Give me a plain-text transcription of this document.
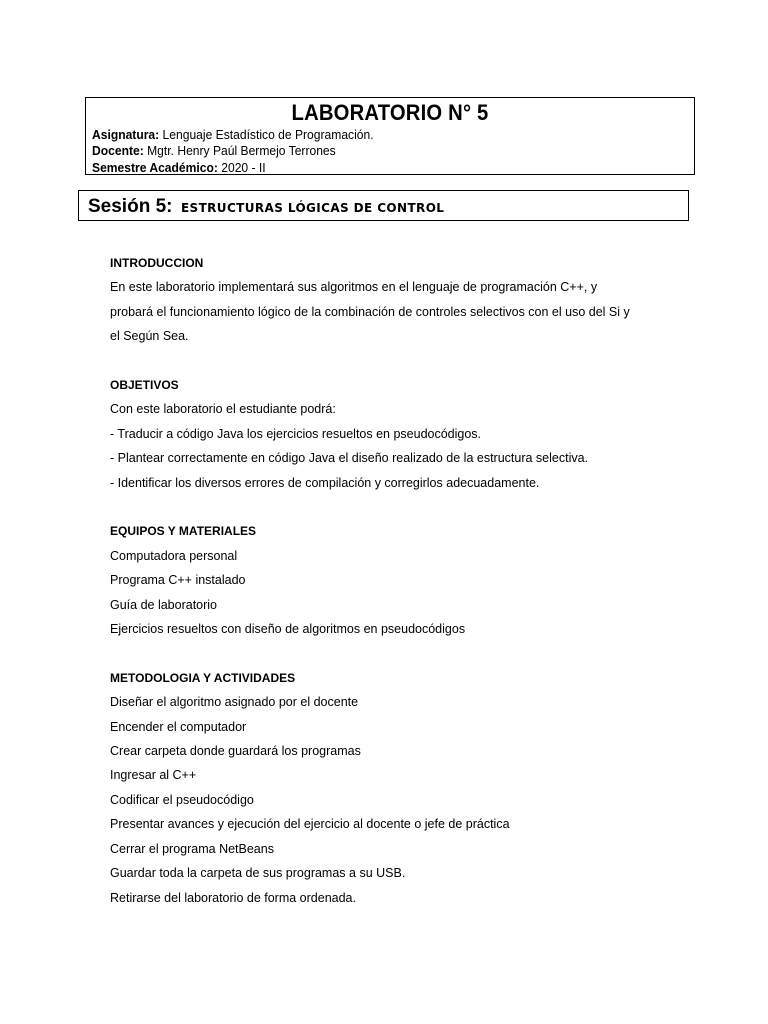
LABORATORIO N° 5
Asignatura: Lenguaje Estadístico de Programación.
Docente: Mgtr. Henry Paúl Bermejo Terrones
Semestre Académico: 2020 - II
Sesión 5: ESTRUCTURAS LÓGICAS DE CONTROL

INTRODUCCION

En este laboratorio implementará sus algoritmos en el lenguaje de programación C++, y

probará el funcionamiento lógico de la combinación de controles selectivos con el uso del Si y

el Según Sea.

OBJETIVOS

Con este laboratorio el estudiante podrá:

- Traducir a código Java los ejercicios resueltos en pseudocódigos.

- Plantear correctamente en código Java el diseño realizado de la estructura selectiva.

- Identificar los diversos errores de compilación y corregirlos adecuadamente.

EQUIPOS Y MATERIALES

Computadora personal

Programa C++ instalado

Guía de laboratorio

Ejercicios resueltos con diseño de algoritmos en pseudocódigos

METODOLOGIA Y ACTIVIDADES

Diseñar el algoritmo asignado por el docente

Encender el computador

Crear carpeta donde guardará los programas

Ingresar al C++

Codificar el pseudocódigo

Presentar avances y ejecución del ejercicio al docente o jefe de práctica

Cerrar el programa NetBeans

Guardar toda la carpeta de sus programas a su USB.

Retirarse del laboratorio de forma ordenada.
